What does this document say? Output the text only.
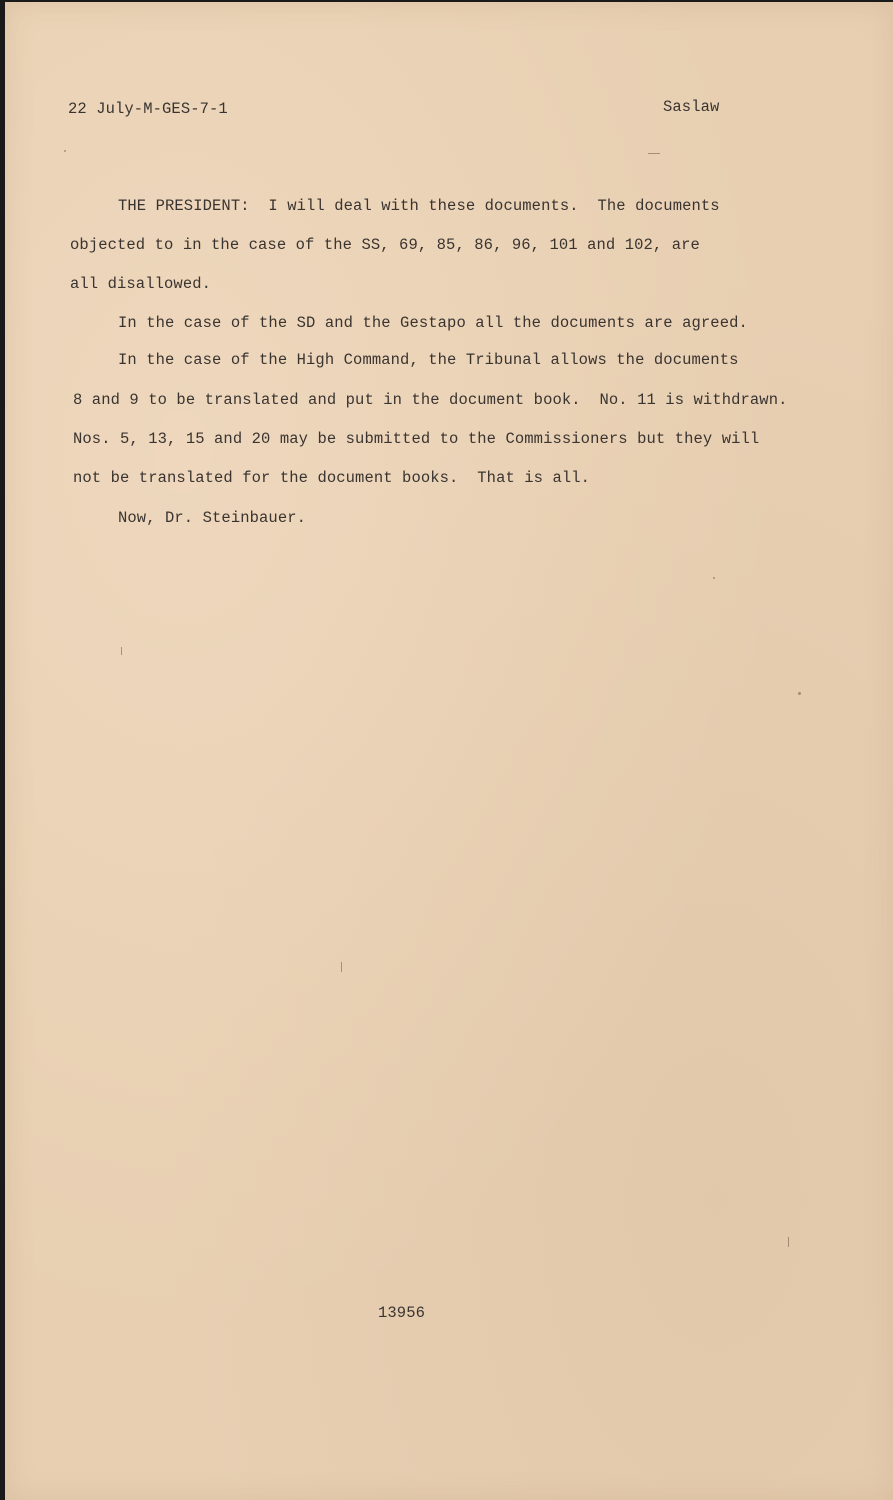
22 July-M-GES-7-1	Saslaw
THE PRESIDENT:  I will deal with these documents.  The documents
objected to in the case of the SS, 69, 85, 86, 96, 101 and 102, are
all disallowed.
In the case of the SD and the Gestapo all the documents are agreed.
In the case of the High Command, the Tribunal allows the documents
8 and 9 to be translated and put in the document book.  No. 11 is withdrawn.
Nos. 5, 13, 15 and 20 may be submitted to the Commissioners but they will
not be translated for the document books.  That is all.
Now, Dr. Steinbauer.
13956
